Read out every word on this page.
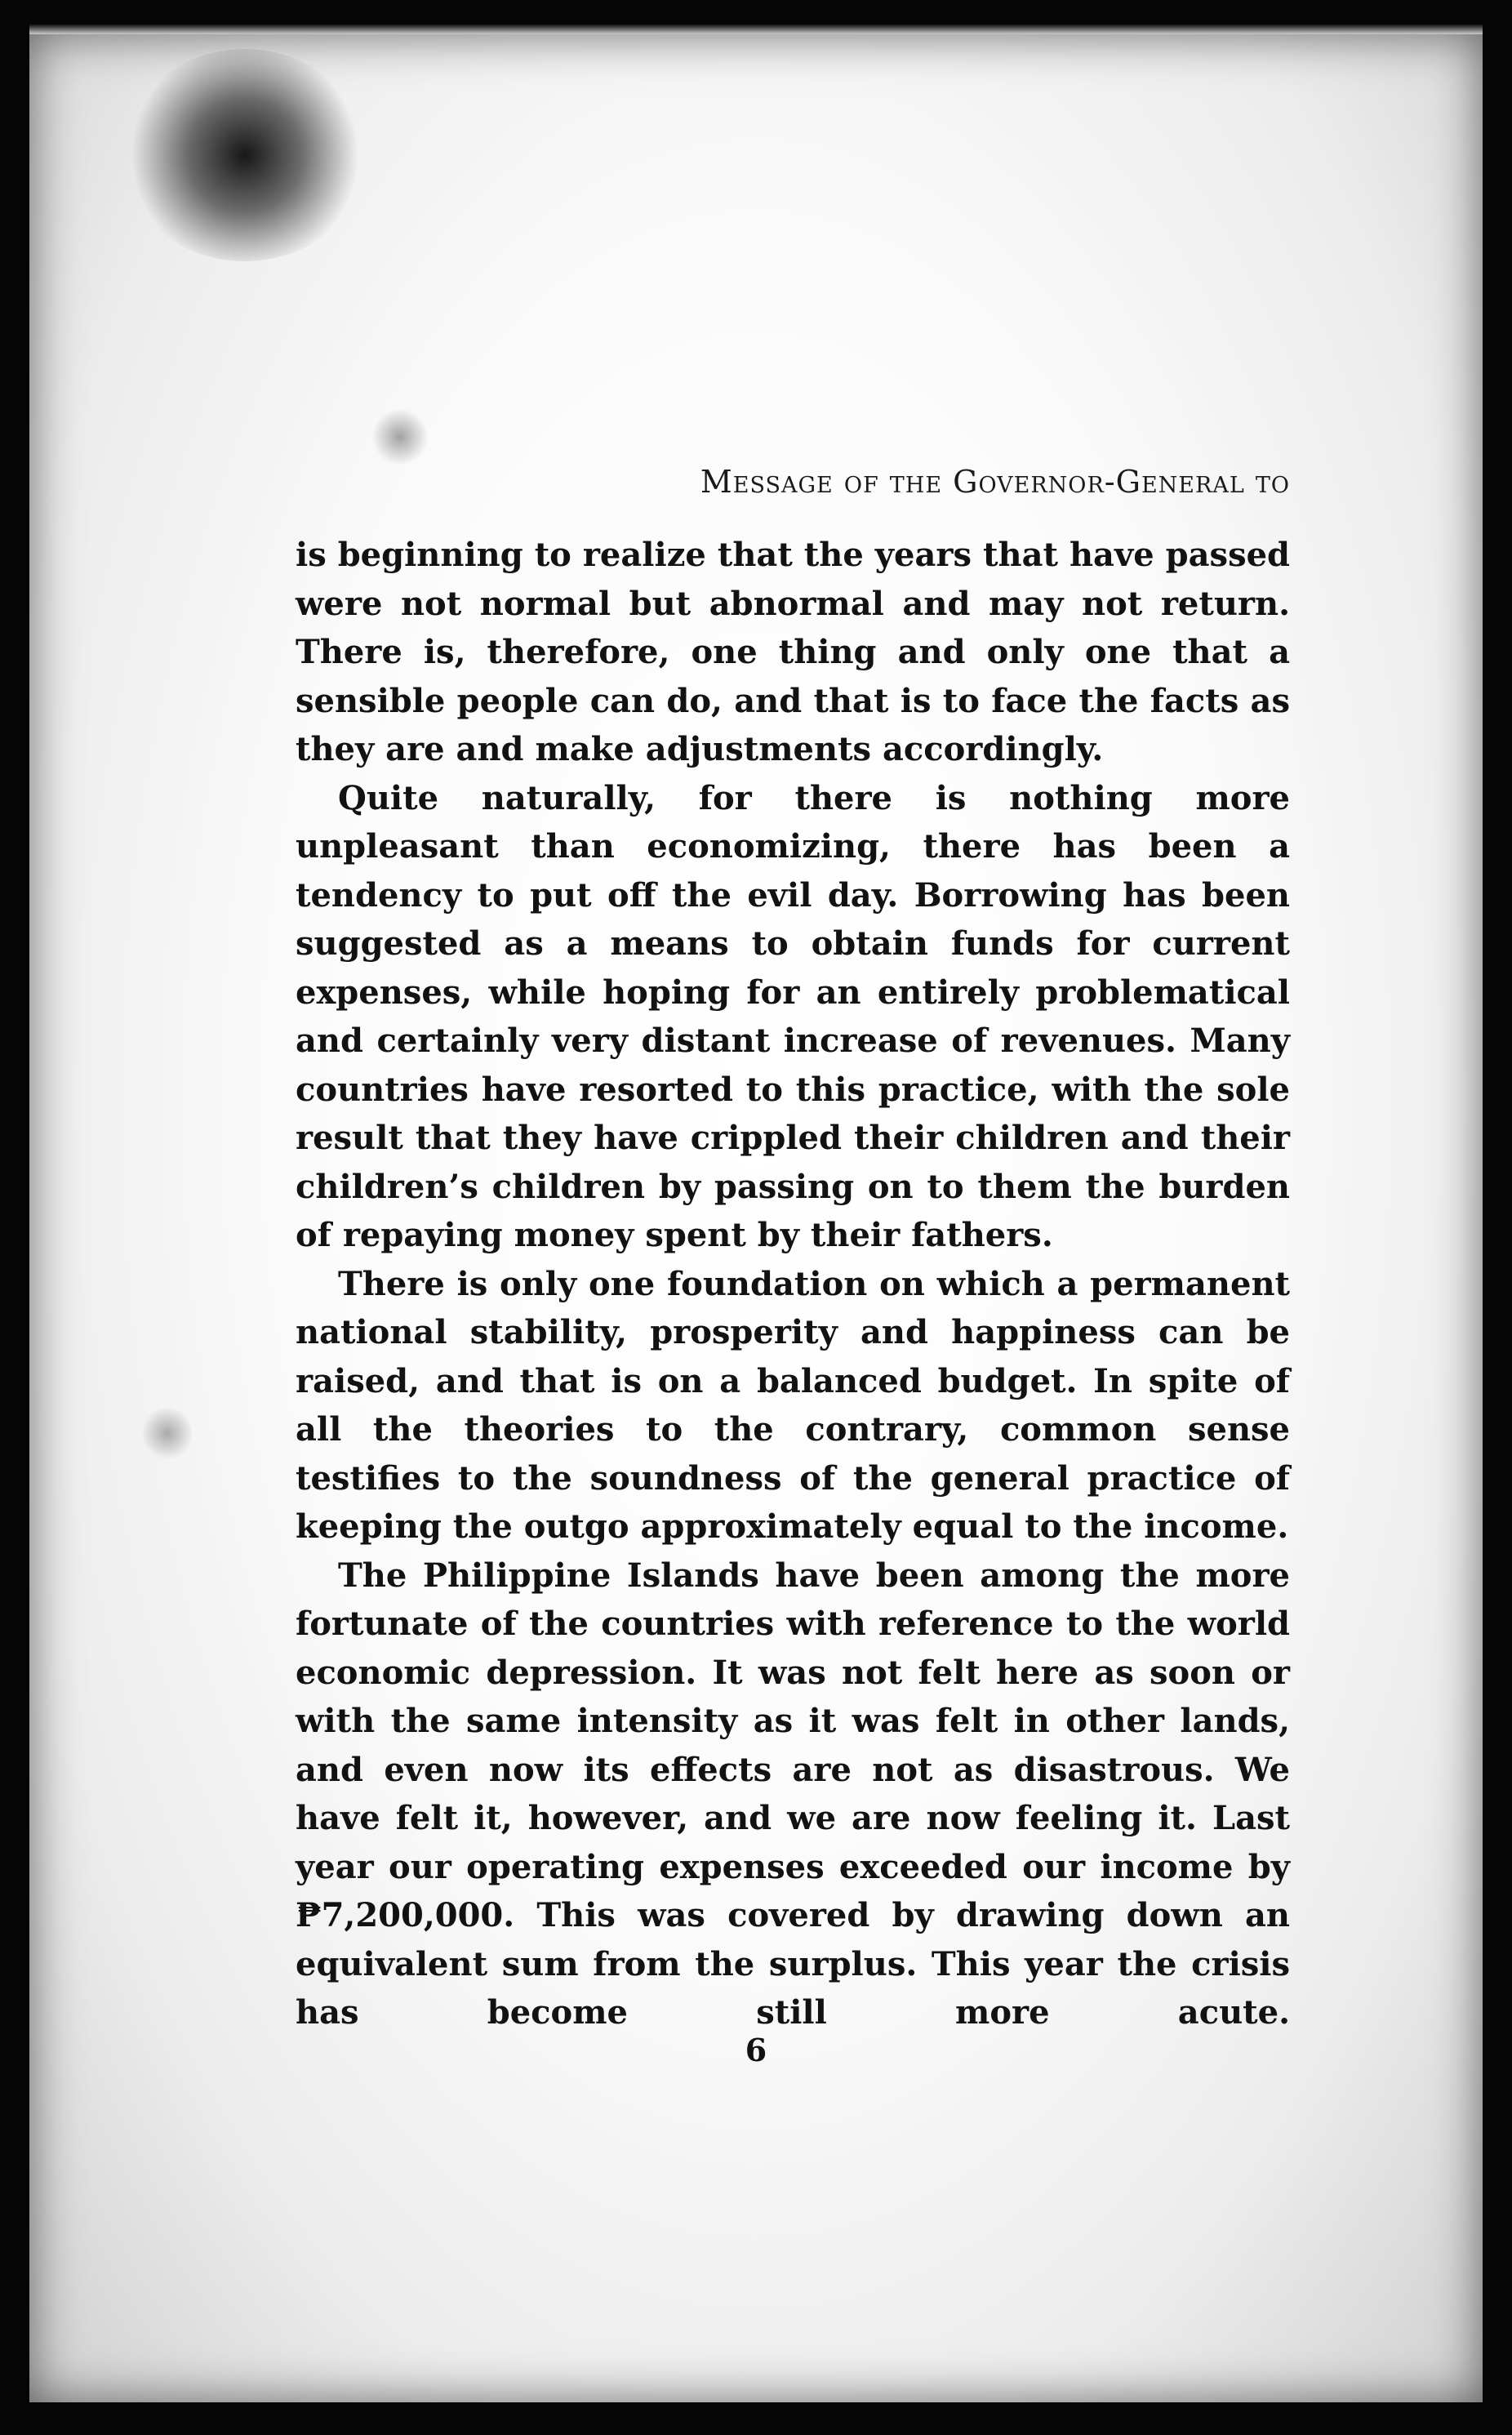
Message of the Governor-General to

is beginning to realize that the years that have passed were not normal but abnormal and may not return. There is, therefore, one thing and only one that a sensible people can do, and that is to face the facts as they are and make adjustments accordingly.

Quite naturally, for there is nothing more unpleasant than economizing, there has been a tendency to put off the evil day. Borrowing has been suggested as a means to obtain funds for current expenses, while hoping for an entirely problematical and certainly very distant increase of revenues. Many countries have resorted to this practice, with the sole result that they have crippled their children and their children’s children by passing on to them the burden of repaying money spent by their fathers.

There is only one foundation on which a permanent national stability, prosperity and happiness can be raised, and that is on a balanced budget. In spite of all the theories to the contrary, common sense testifies to the soundness of the general practice of keeping the outgo approximately equal to the income.

The Philippine Islands have been among the more fortunate of the countries with reference to the world economic depression. It was not felt here as soon or with the same intensity as it was felt in other lands, and even now its effects are not as disastrous. We have felt it, however, and we are now feeling it. Last year our operating expenses exceeded our income by ₱7,200,000. This was covered by drawing down an equivalent sum from the surplus. This year the crisis has become still more acute.

6
